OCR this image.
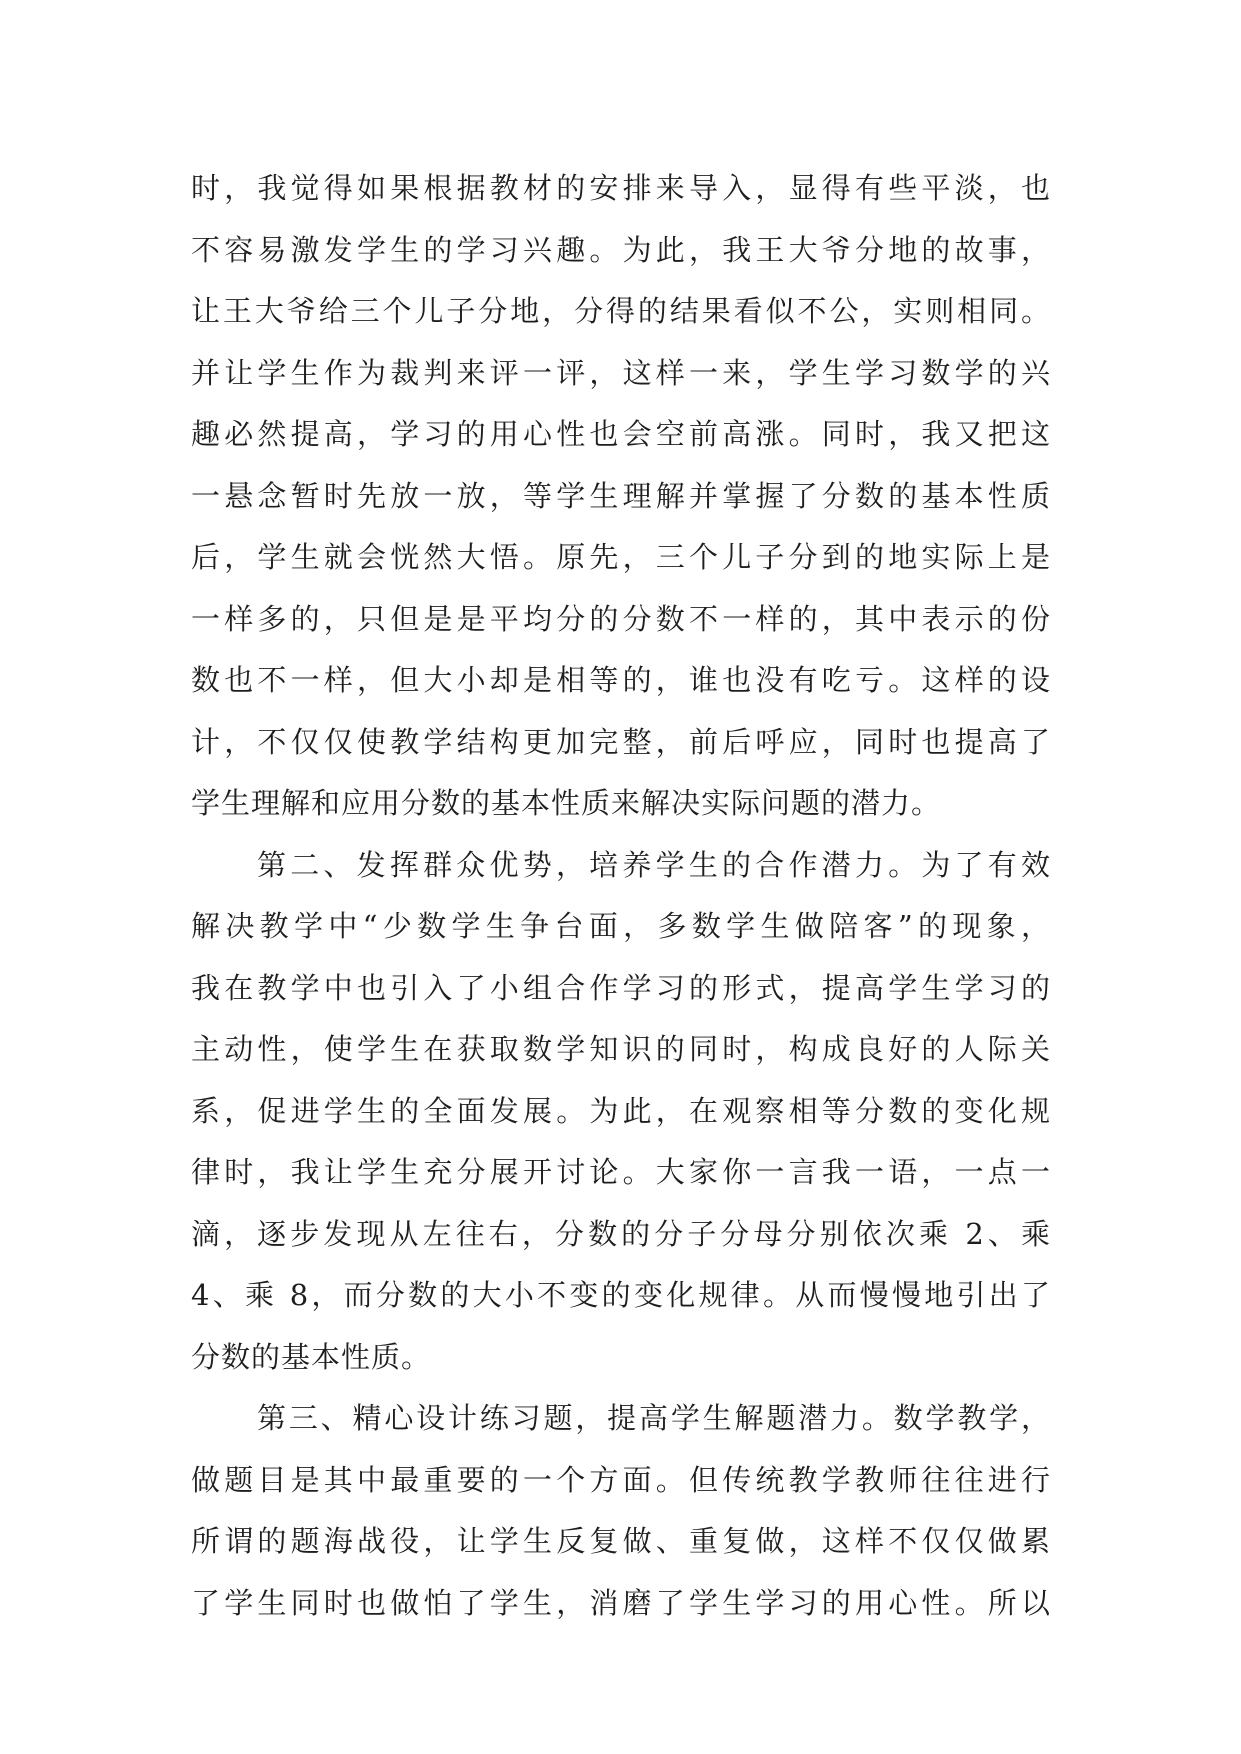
时，我觉得如果根据教材的安排来导入，显得有些平淡，也
不容易激发学生的学习兴趣。为此，我王大爷分地的故事，
让王大爷给三个儿子分地，分得的结果看似不公，实则相同。
并让学生作为裁判来评一评，这样一来，学生学习数学的兴
趣必然提高，学习的用心性也会空前高涨。同时，我又把这
一悬念暂时先放一放，等学生理解并掌握了分数的基本性质
后，学生就会恍然大悟。原先，三个儿子分到的地实际上是
一样多的，只但是是平均分的分数不一样的，其中表示的份
数也不一样，但大小却是相等的，谁也没有吃亏。这样的设
计，不仅仅使教学结构更加完整，前后呼应，同时也提高了
学生理解和应用分数的基本性质来解决实际问题的潜力。
第二、发挥群众优势，培养学生的合作潜力。为了有效
解决教学中“少数学生争台面，多数学生做陪客”的现象，
我在教学中也引入了小组合作学习的形式，提高学生学习的
主动性，使学生在获取数学知识的同时，构成良好的人际关
系，促进学生的全面发展。为此，在观察相等分数的变化规
律时，我让学生充分展开讨论。大家你一言我一语，一点一
滴，逐步发现从左往右，分数的分子分母分别依次乘 2、乘
4、乘 8，而分数的大小不变的变化规律。从而慢慢地引出了
分数的基本性质。
第三、精心设计练习题，提高学生解题潜力。数学教学，
做题目是其中最重要的一个方面。但传统教学教师往往进行
所谓的题海战役，让学生反复做、重复做，这样不仅仅做累
了学生同时也做怕了学生，消磨了学生学习的用心性。所以
